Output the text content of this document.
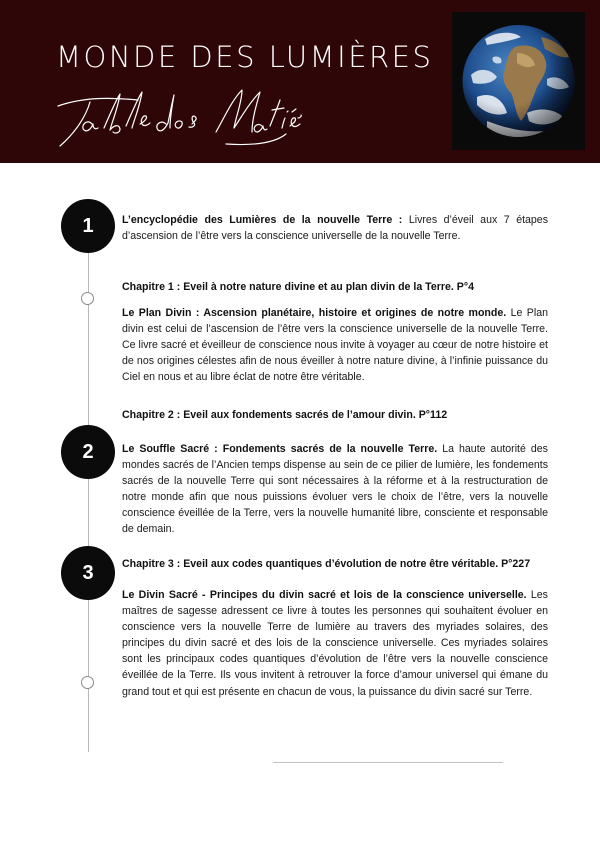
MONDE DES LUMIÈRES
1
2
3

L’encyclopédie des Lumières de la nouvelle Terre : Livres d’éveil aux 7 étapes d’ascension de l’être vers la conscience universelle de la nouvelle Terre.

Chapitre 1 : Eveil à notre nature divine et au plan divin de la Terre. P°4

Le Plan Divin : Ascension planétaire, histoire et origines de notre monde. Le Plan divin est celui de l’ascension de l’être vers la conscience universelle de la nouvelle Terre. Ce livre sacré et éveilleur de conscience nous invite à voyager au cœur de notre histoire et de nos origines célestes afin de nous éveiller à notre nature divine, à l’infinie puissance du Ciel en nous et au libre éclat de notre être véritable.

Chapitre 2 : Eveil aux fondements sacrés de l’amour divin. P°112

Le Souffle Sacré : Fondements sacrés de la nouvelle Terre. La haute autorité des mondes sacrés de l’Ancien temps dispense au sein de ce pilier de lumière, les fondements sacrés de la nouvelle Terre qui sont nécessaires à la réforme et à la restructuration de notre monde afin que nous puissions évoluer vers le choix de l’être, vers la nouvelle conscience éveillée de la Terre, vers la nouvelle humanité libre, consciente et responsable de demain.

Chapitre 3 : Eveil aux codes quantiques d’évolution de notre être véritable. P°227

Le Divin Sacré - Principes du divin sacré et lois de la conscience universelle. Les maîtres de sagesse adressent ce livre à toutes les personnes qui souhaitent évoluer en conscience vers la nouvelle Terre de lumière au travers des myriades solaires, des principes du divin sacré et des lois de la conscience universelle. Ces myriades solaires sont les principaux codes quantiques d’évolution de l’être vers la nouvelle conscience éveillée de la Terre. Ils vous invitent à retrouver la force d’amour universel qui émane du grand tout et qui est présente en chacun de vous, la puissance du divin sacré sur Terre.
